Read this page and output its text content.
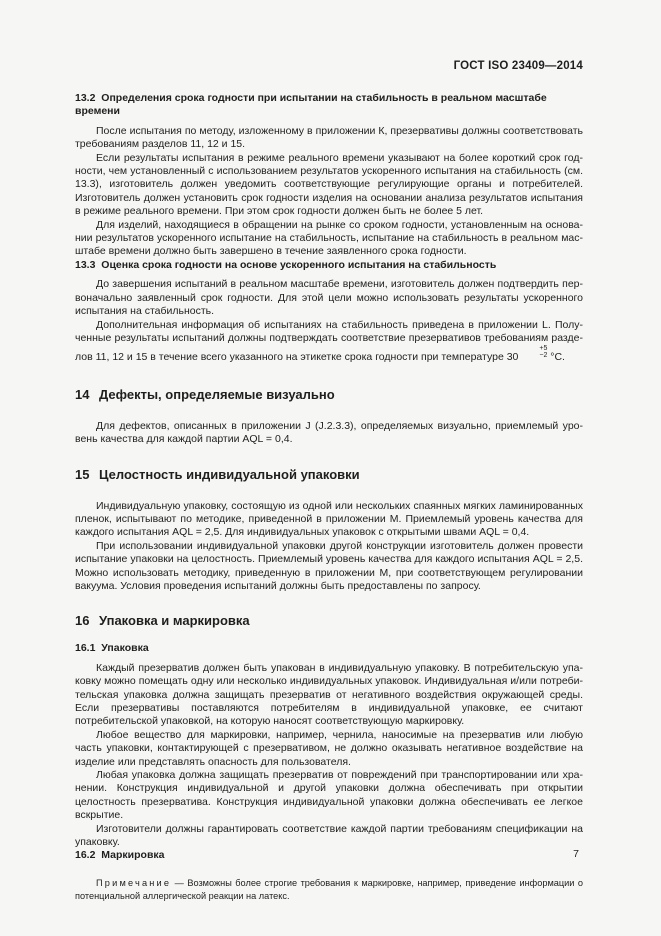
ГОСТ ISO 23409—2014
13.2 Определения срока годности при испытании на стабильность в реальном масштабе времени

После испытания по методу, изложенному в приложении К, презервативы должны соответствовать требованиям разделов 11, 12 и 15.

Если результаты испытания в режиме реального времени указывают на более короткий срок годности, чем установленный с использованием результатов ускоренного испытания на стабильность (см. 13.3), изготовитель должен уведомить соответствующие регулирующие органы и потребителей. Изготовитель должен установить срок годности изделия на основании анализа результатов испытания в режиме реального времени. При этом срок годности должен быть не более 5 лет.

Для изделий, находящиеся в обращении на рынке со сроком годности, установленным на основании результатов ускоренного испытание на стабильность, испытание на стабильность в реальном масштабе времени должно быть завершено в течение заявленного срока годности.

13.3 Оценка срока годности на основе ускоренного испытания на стабильность

До завершения испытаний в реальном масштабе времени, изготовитель должен подтвердить первоначально заявленный срок годности. Для этой цели можно использовать результаты ускоренного испытания на стабильность.

Дополнительная информация об испытаниях на стабильность приведена в приложении L. Полученные результаты испытаний должны подтверждать соответствие презервативов требованиям разделов 11, 12 и 15 в течение всего указанного на этикетке срока годности при температуре 30
$^{+5 -2}$ °С.

14 Дефекты, определяемые визуально

Для дефектов, описанных в приложении J (J.2.3.3), определяемых визуально, приемлемый уровень качества для каждой партии AQL = 0,4.

15 Целостность индивидуальной упаковки

Индивидуальную упаковку, состоящую из одной или нескольких спаянных мягких ламинированных пленок, испытывают по методике, приведенной в приложении М. Приемлемый уровень качества для каждого испытания AQL = 2,5. Для индивидуальных упаковок с открытыми швами AQL = 0,4.

При использовании индивидуальной упаковки другой конструкции изготовитель должен провести испытание упаковки на целостность. Приемлемый уровень качества для каждого испытания AQL = 2,5. Можно использовать методику, приведенную в приложении М, при соответствующем регулировании вакуума. Условия проведения испытаний должны быть предоставлены по запросу.

16 Упаковка и маркировка
16.1 Упаковка

Каждый презерватив должен быть упакован в индивидуальную упаковку. В потребительскую упаковку можно помещать одну или несколько индивидуальных упаковок. Индивидуальная и/или потребительская упаковка должна защищать презерватив от негативного воздействия окружающей среды. Если презервативы поставляются потребителям в индивидуальной упаковке, ее считают потребительской упаковкой, на которую наносят соответствующую маркировку.

Любое вещество для маркировки, например, чернила, наносимые на презерватив или любую часть упаковки, контактирующей с презервативом, не должно оказывать негативное воздействие на изделие или представлять опасность для пользователя.

Любая упаковка должна защищать презерватив от повреждений при транспортировании или хранении. Конструкция индивидуальной и другой упаковки должна обеспечивать при открытии целостность презерватива. Конструкция индивидуальной упаковки должна обеспечивать ее легкое вскрытие.

Изготовители должны гарантировать соответствие каждой партии требованиям спецификации на упаковку.

16.2 Маркировка

Примечание — Возможны более строгие требования к маркировке, например, приведение информации о потенциальной аллергической реакции на латекс.

7
